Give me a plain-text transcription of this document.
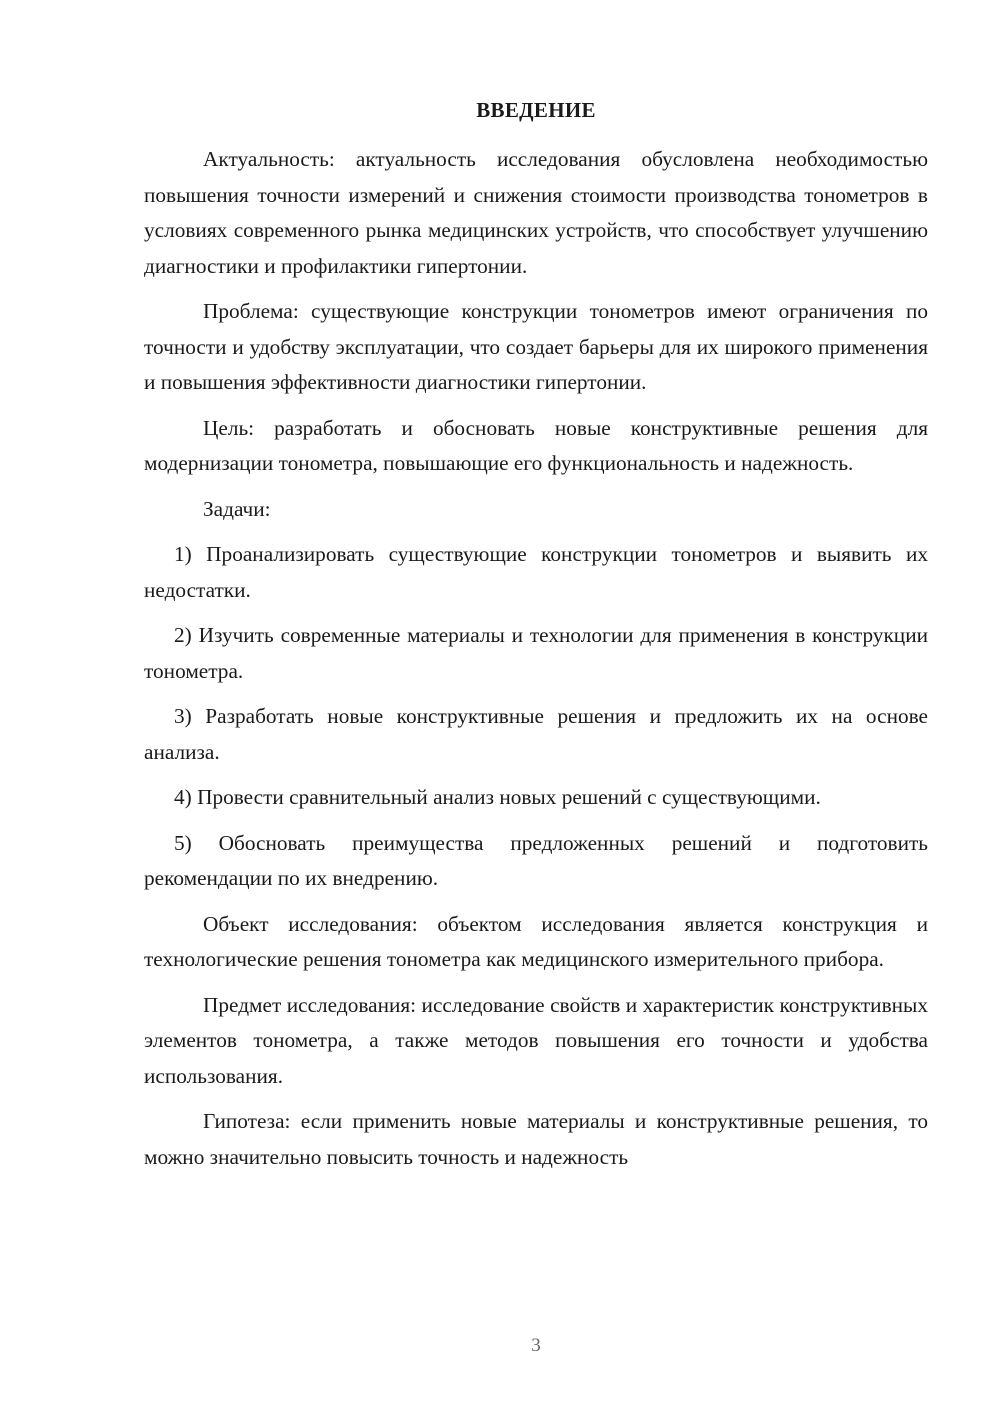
ВВЕДЕНИЕ

Актуальность: актуальность исследования обусловлена необходимостью повышения точности измерений и снижения стоимости производства тонометров в условиях современного рынка медицинских устройств, что способствует улучшению диагностики и профилактики гипертонии.

Проблема: существующие конструкции тонометров имеют ограничения по точности и удобству эксплуатации, что создает барьеры для их широкого применения и повышения эффективности диагностики гипертонии.

Цель: разработать и обосновать новые конструктивные решения для модернизации тонометра, повышающие его функциональность и надежность.

Задачи:

1) Проанализировать существующие конструкции тонометров и выявить их недостатки.

2) Изучить современные материалы и технологии для применения в конструкции тонометра.

3) Разработать новые конструктивные решения и предложить их на основе анализа.

4) Провести сравнительный анализ новых решений с существующими.

5) Обосновать преимущества предложенных решений и подготовить рекомендации по их внедрению.

Объект исследования: объектом исследования является конструкция и технологические решения тонометра как медицинского измерительного прибора.

Предмет исследования: исследование свойств и характеристик конструктивных элементов тонометра, а также методов повышения его точности и удобства использования.

Гипотеза: если применить новые материалы и конструктивные решения, то можно значительно повысить точность и надежность

3
